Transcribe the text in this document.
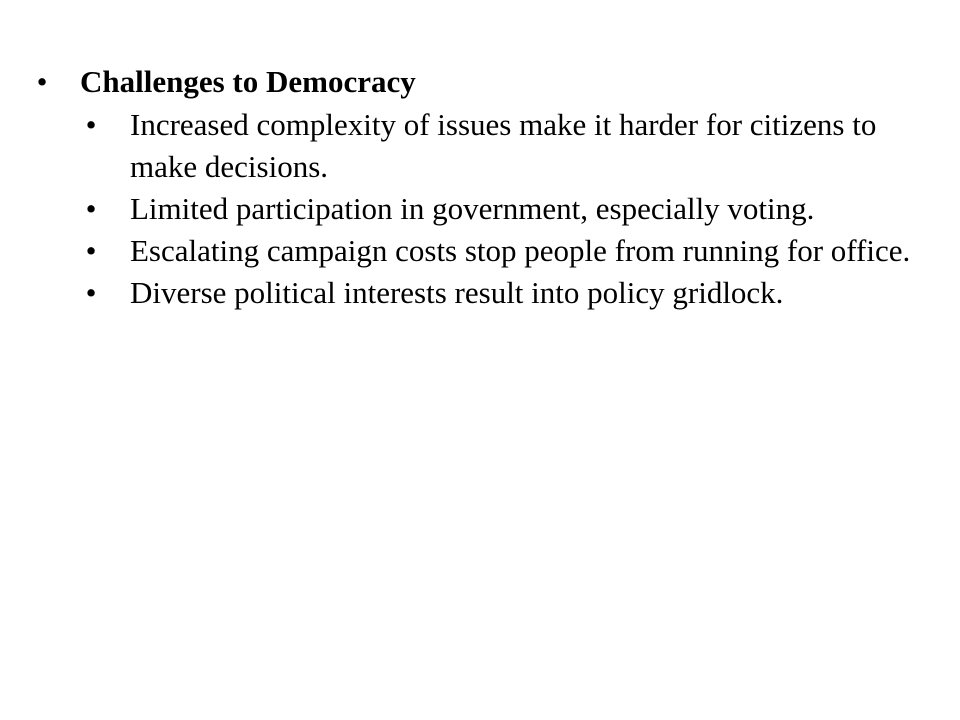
• Challenges to Democracy
• Increased complexity of issues make it harder for citizens to make decisions.
• Limited participation in government, especially voting.
• Escalating campaign costs stop people from running for office.
• Diverse political interests result into policy gridlock.
